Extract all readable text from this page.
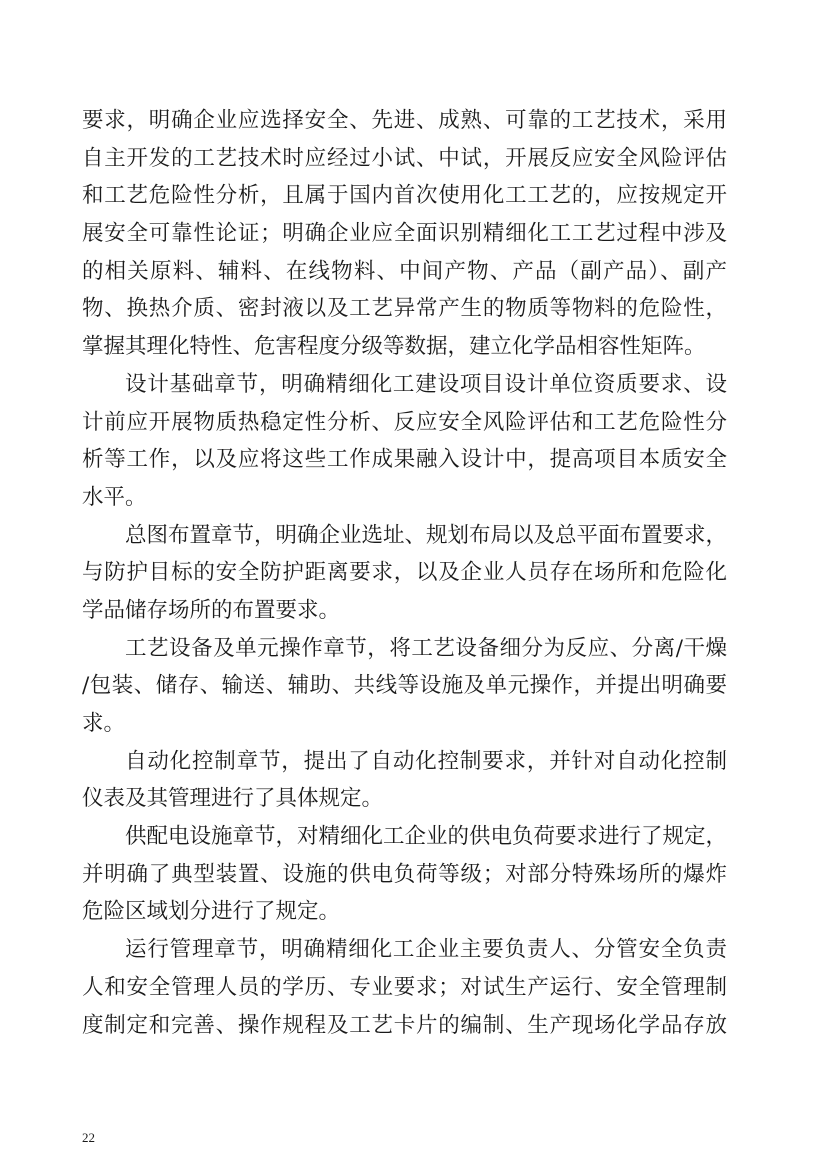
要求，明确企业应选择安全、先进、成熟、可靠的工艺技术，采用
自主开发的工艺技术时应经过小试、中试，开展反应安全风险评估
和工艺危险性分析，且属于国内首次使用化工工艺的，应按规定开
展安全可靠性论证；明确企业应全面识别精细化工工艺过程中涉及
的相关原料、辅料、在线物料、中间产物、产品（副产品）、副产
物、换热介质、密封液以及工艺异常产生的物质等物料的危险性，
掌握其理化特性、危害程度分级等数据，建立化学品相容性矩阵。
设计基础章节，明确精细化工建设项目设计单位资质要求、设
计前应开展物质热稳定性分析、反应安全风险评估和工艺危险性分
析等工作，以及应将这些工作成果融入设计中，提高项目本质安全
水平。
总图布置章节，明确企业选址、规划布局以及总平面布置要求，
与防护目标的安全防护距离要求，以及企业人员存在场所和危险化
学品储存场所的布置要求。
工艺设备及单元操作章节，将工艺设备细分为反应、分离/干燥
/包装、储存、输送、辅助、共线等设施及单元操作，并提出明确要
求。
自动化控制章节，提出了自动化控制要求，并针对自动化控制
仪表及其管理进行了具体规定。
供配电设施章节，对精细化工企业的供电负荷要求进行了规定，
并明确了典型装置、设施的供电负荷等级；对部分特殊场所的爆炸
危险区域划分进行了规定。
运行管理章节，明确精细化工企业主要负责人、分管安全负责
人和安全管理人员的学历、专业要求；对试生产运行、安全管理制
度制定和完善、操作规程及工艺卡片的编制、生产现场化学品存放
22
